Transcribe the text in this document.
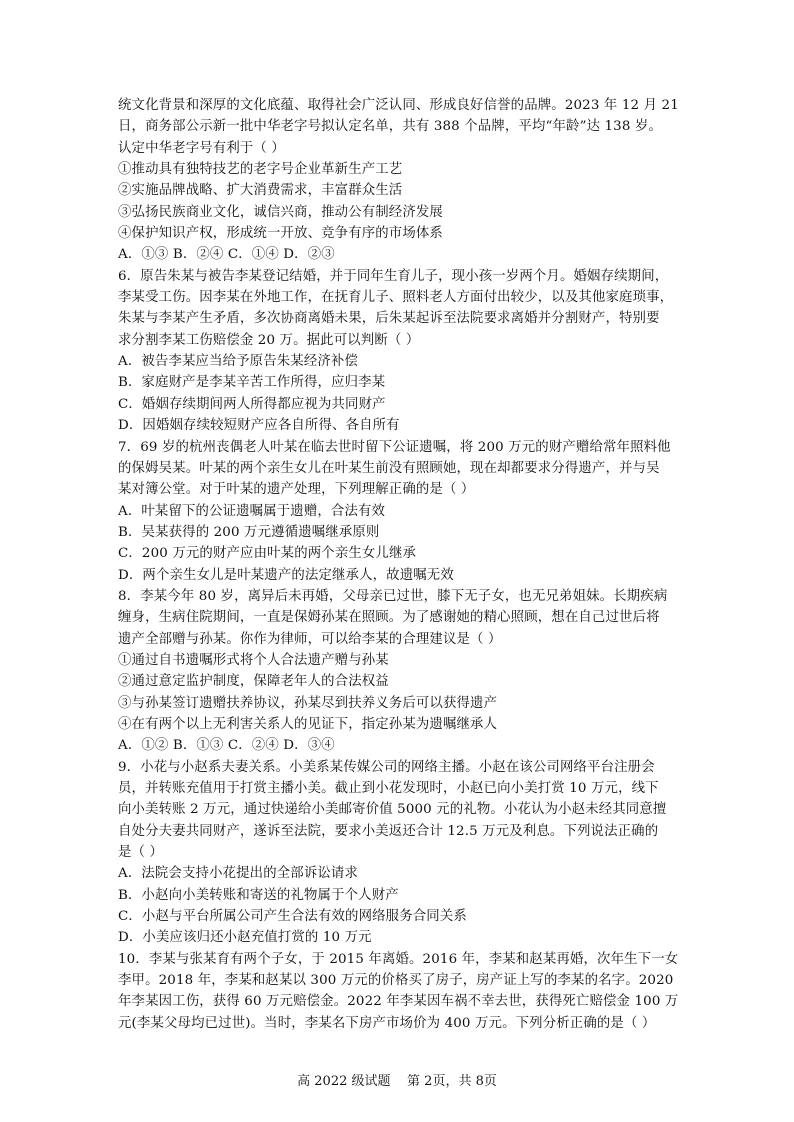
统文化背景和深厚的文化底蕴、取得社会广泛认同、形成良好信誉的品牌。2023 年 12 月 21
日，商务部公示新一批中华老字号拟认定名单，共有 388 个品牌，平均“年龄”达 138 岁。
认定中华老字号有利于（ ）
①推动具有独特技艺的老字号企业革新生产工艺
②实施品牌战略、扩大消费需求，丰富群众生活
③弘扬民族商业文化，诚信兴商，推动公有制经济发展
④保护知识产权，形成统一开放、竞争有序的市场体系
A．①③ B．②④ C．①④ D．②③
6．原告朱某与被告李某登记结婚，并于同年生育儿子，现小孩一岁两个月。婚姻存续期间，
李某受工伤。因李某在外地工作，在抚育儿子、照料老人方面付出较少，以及其他家庭琐事，
朱某与李某产生矛盾，多次协商离婚未果，后朱某起诉至法院要求离婚并分割财产，特别要
求分割李某工伤赔偿金 20 万。据此可以判断（ ）
A．被告李某应当给予原告朱某经济补偿
B．家庭财产是李某辛苦工作所得，应归李某
C．婚姻存续期间两人所得都应视为共同财产
D．因婚姻存续较短财产应各自所得、各自所有
7．69 岁的杭州丧偶老人叶某在临去世时留下公证遗嘱，将 200 万元的财产赠给常年照料他
的保姆吴某。叶某的两个亲生女儿在叶某生前没有照顾她，现在却都要求分得遗产，并与吴
某对簿公堂。对于叶某的遗产处理，下列理解正确的是（ ）
A．叶某留下的公证遗嘱属于遗赠，合法有效
B．吴某获得的 200 万元遵循遗嘱继承原则
C．200 万元的财产应由叶某的两个亲生女儿继承
D．两个亲生女儿是叶某遗产的法定继承人，故遗嘱无效
8．李某今年 80 岁，离异后未再婚，父母亲已过世，膝下无子女，也无兄弟姐妹。长期疾病
缠身，生病住院期间，一直是保姆孙某在照顾。为了感谢她的精心照顾，想在自己过世后将
遗产全部赠与孙某。你作为律师，可以给李某的合理建议是（ ）
①通过自书遗嘱形式将个人合法遗产赠与孙某
②通过意定监护制度，保障老年人的合法权益
③与孙某签订遗赠扶养协议，孙某尽到扶养义务后可以获得遗产
④在有两个以上无利害关系人的见证下，指定孙某为遗嘱继承人
A．①② B．①③ C．②④ D．③④
9．小花与小赵系夫妻关系。小美系某传媒公司的网络主播。小赵在该公司网络平台注册会
员，并转账充值用于打赏主播小美。截止到小花发现时，小赵已向小美打赏 10 万元，线下
向小美转账 2 万元，通过快递给小美邮寄价值 5000 元的礼物。小花认为小赵未经其同意擅
自处分夫妻共同财产，遂诉至法院，要求小美返还合计 12.5 万元及利息。下列说法正确的
是（ ）
A．法院会支持小花提出的全部诉讼请求
B．小赵向小美转账和寄送的礼物属于个人财产
C．小赵与平台所属公司产生合法有效的网络服务合同关系
D．小美应该归还小赵充值打赏的 10 万元
10．李某与张某育有两个子女，于 2015 年离婚。2016 年，李某和赵某再婚，次年生下一女
李甲。2018 年，李某和赵某以 300 万元的价格买了房子，房产证上写的李某的名字。2020
年李某因工伤，获得 60 万元赔偿金。2022 年李某因车祸不幸去世，获得死亡赔偿金 100 万
元(李某父母均已过世)。当时，李某名下房产市场价为 400 万元。下列分析正确的是（ ）
高 2022 级试题    第 2页，共 8页
